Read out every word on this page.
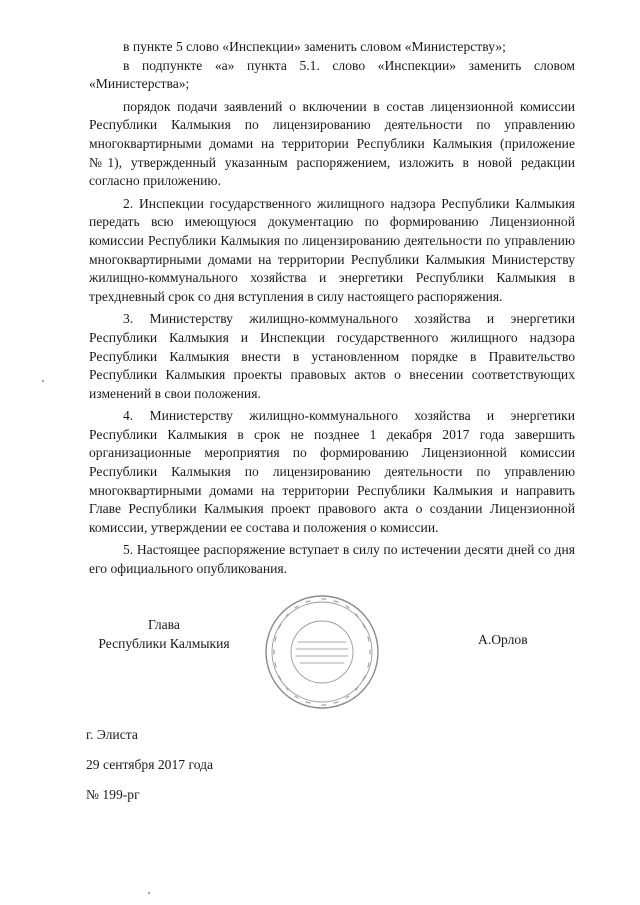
в пункте 5 слово «Инспекции» заменить словом «Министерству»;

в подпункте «а» пункта 5.1. слово «Инспекции» заменить словом «Министерства»;

порядок подачи заявлений о включении в состав лицензионной комиссии Республики Калмыкия по лицензированию деятельности по управлению многоквартирными домами на территории Республики Калмыкия (приложение №1), утвержденный указанным распоряжением, изложить в новой редакции согласно приложению.

2. Инспекции государственного жилищного надзора Республики Калмыкия передать всю имеющуюся документацию по формированию Лицензионной комиссии Республики Калмыкия по лицензированию деятельности по управлению многоквартирными домами на территории Республики Калмыкия Министерству жилищно-коммунального хозяйства и энергетики Республики Калмыкия в трехдневный срок со дня вступления в силу настоящего распоряжения.

3. Министерству жилищно-коммунального хозяйства и энергетики Республики Калмыкия и Инспекции государственного жилищного надзора Республики Калмыкия внести в установленном порядке в Правительство Республики Калмыкия проекты правовых актов о внесении соответствующих изменений в свои положения.

4. Министерству жилищно-коммунального хозяйства и энергетики Республики Калмыкия в срок не позднее 1 декабря 2017 года завершить организационные мероприятия по формированию Лицензионной комиссии Республики Калмыкия по лицензированию деятельности по управлению многоквартирными домами на территории Республики Калмыкия и направить Главе Республики Калмыкия проект правового акта о создании Лицензионной комиссии, утверждении ее состава и положения о комиссии.

5. Настоящее распоряжение вступает в силу по истечении десяти дней со дня его официального опубликования.

Глава
Республики Калмыкия	А.Орлов
г. Элиста
29 сентября 2017 года
№ 199-рг
